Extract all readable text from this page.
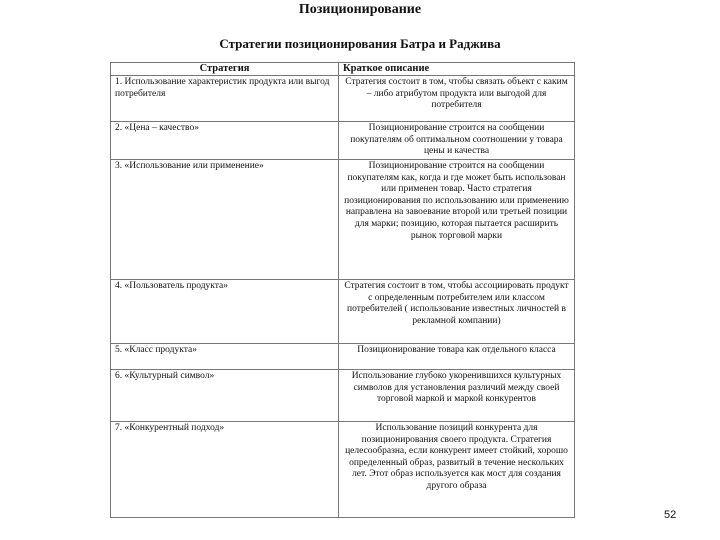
Позиционирование
Стратегии позиционирования Батра и Раджива
Стратегия	Краткое описание
1. Использование характеристик продукта или выгод потребителя	Стратегия состоит в том, чтобы связать объект с каким – либо атрибутом продукта или выгодой для потребителя
2. «Цена – качество»	Позиционирование строится на сообщении покупателям об оптимальном соотношении у товара цены и качества
3. «Использование или применение»	Позиционирование строится на сообщении покупателям как, когда и где может быть использован или применен товар. Часто стратегия позиционирования по использованию или применению направлена на завоевание второй или третьей позиции для марки; позицию, которая пытается расширить рынок торговой марки
4. «Пользователь продукта»	Стратегия состоит в том, чтобы ассоциировать продукт с определенным потребителем или классом потребителей ( использование известных личностей в рекламной компании)
5. «Класс продукта»	Позиционирование товара как отдельного класса
6. «Культурный символ»	Использование глубоко укоренившихся культурных символов для установления различий между своей торговой маркой и маркой конкурентов
7. «Конкурентный подход»	Использование позиций конкурента для позиционирования своего продукта. Стратегия целесообразна, если конкурент имеет стойкий, хорошо определенный образ, развитый в течение нескольких лет. Этот образ используется как мост для создания другого образа
52
